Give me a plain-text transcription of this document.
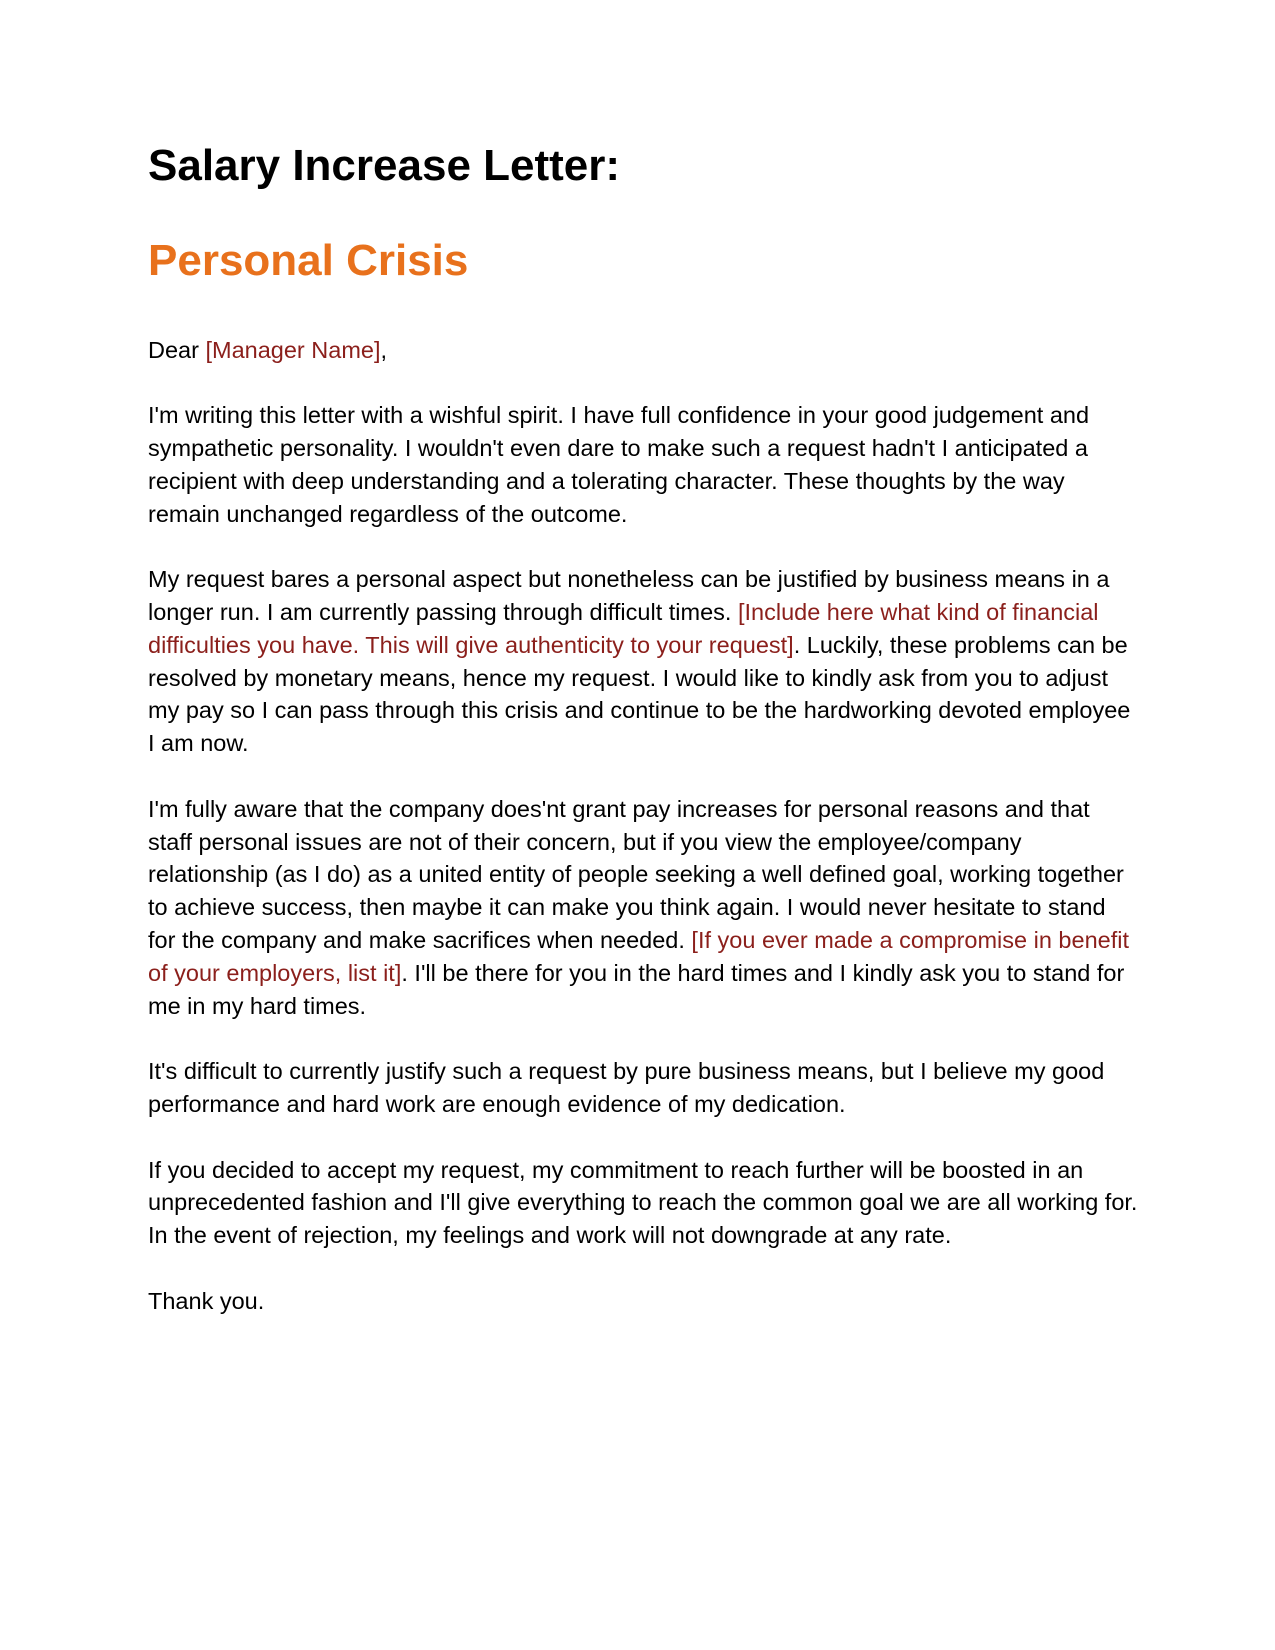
Salary Increase Letter:
Personal Crisis

Dear [Manager Name],

I'm writing this letter with a wishful spirit. I have full confidence in your good judgement and sympathetic personality. I wouldn't even dare to make such a request hadn't I anticipated a recipient with deep understanding and a tolerating character. These thoughts by the way remain unchanged regardless of the outcome.

My request bares a personal aspect but nonetheless can be justified by business means in a longer run. I am currently passing through difficult times. [Include here what kind of financial difficulties you have. This will give authenticity to your request]. Luckily, these problems can be resolved by monetary means, hence my request. I would like to kindly ask from you to adjust my pay so I can pass through this crisis and continue to be the hardworking devoted employee I am now.

I'm fully aware that the company does'nt grant pay increases for personal reasons and that staff personal issues are not of their concern, but if you view the employee/company relationship (as I do) as a united entity of people seeking a well defined goal, working together to achieve success, then maybe it can make you think again. I would never hesitate to stand for the company and make sacrifices when needed. [If you ever made a compromise in benefit of your employers, list it]. I'll be there for you in the hard times and I kindly ask you to stand for me in my hard times.

It's difficult to currently justify such a request by pure business means, but I believe my good performance and hard work are enough evidence of my dedication.

If you decided to accept my request, my commitment to reach further will be boosted in an unprecedented fashion and I'll give everything to reach the common goal we are all working for. In the event of rejection, my feelings and work will not downgrade at any rate.

Thank you.
